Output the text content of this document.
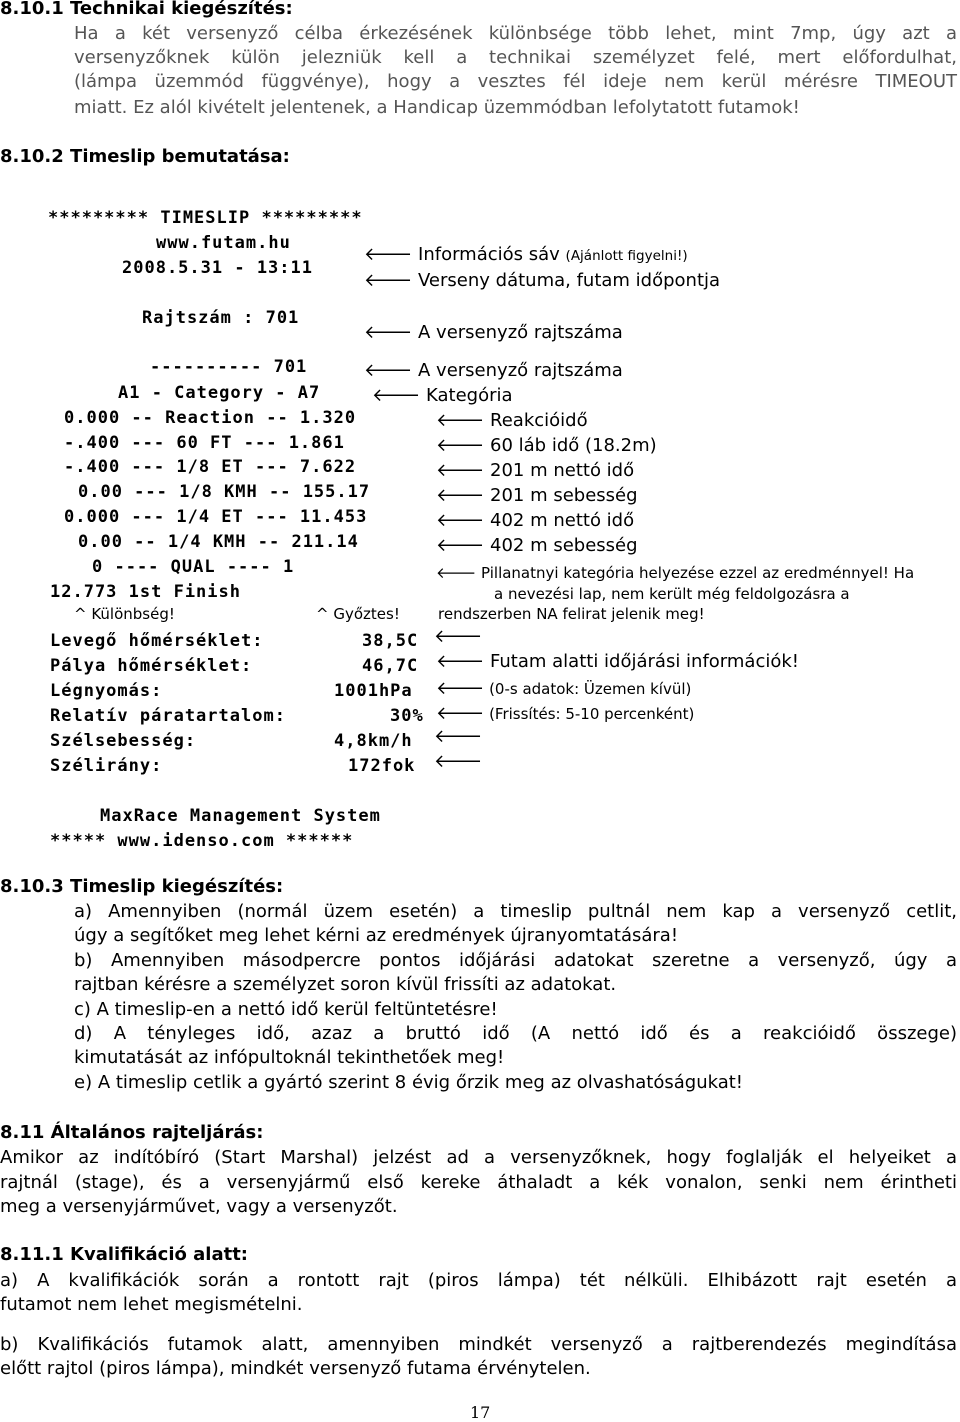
8.10.1 Technikai kiegészítés:
Ha a két versenyző célba érkezésének különbsége több lehet, mint 7mp, úgy azt a
versenyzőknek külön jelezniük kell a technikai személyzet felé, mert előfordulhat,
(lámpa üzemmód függvénye), hogy a vesztes fél ideje nem kerül mérésre TIMEOUT
miatt. Ez alól kivételt jelentenek, a Handicap üzemmódban lefolytatott futamok!
8.10.2 Timeslip bemutatása:
********* TIMESLIP *********
www.futam.hu
2008.5.31 - 13:11
Rajtszám : 701
---------- 701
A1 - Category - A7
0.000 -- Reaction -- 1.320
-.400 --- 60 FT --- 1.861
-.400 --- 1/8 ET --- 7.622
0.00 --- 1/8 KMH -- 155.17
0.000 --- 1/4 ET --- 11.453
0.00 -- 1/4 KMH -- 211.14
0 ---- QUAL ---- 1
12.773 1st Finish
Levegő hőmérséklet:	38,5C
Pálya hőmérséklet:	46,7C
Légnyomás:	1001hPa
Relatív páratartalom:	30%
Szélsebesség:	4,8km/h
Szélirány:	172fok
MaxRace Management System
***** www.idenso.com ******
🡐 Információs sáv (Ajánlott figyelni!)
🡐 Verseny dátuma, futam időpontja
🡐 A versenyző rajtszáma
🡐 A versenyző rajtszáma
🡐 Kategória
🡐 Reakcióidő
🡐 60 láb idő (18.2m)
🡐 201 m nettó idő
🡐 201 m sebesség
🡐 402 m nettó idő
🡐 402 m sebesség
🡐 Pillanatnyi kategória helyezése ezzel az eredménnyel! Ha
a nevezési lap, nem került még feldolgozásra a
rendszerben NA felirat jelenik meg!
^ Különbség!	^ Győztes!
🡐
🡐 Futam alatti időjárási információk!
🡐 (0-s adatok: Üzemen kívül)
🡐 (Frissítés: 5-10 percenként)
🡐
🡐
8.10.3 Timeslip kiegészítés:
a) Amennyiben (normál üzem esetén) a timeslip pultnál nem kap a versenyző cetlit,
úgy a segítőket meg lehet kérni az eredmények újranyomtatására!
b) Amennyiben másodpercre pontos időjárási adatokat szeretne a versenyző, úgy a
rajtban kérésre a személyzet soron kívül frissíti az adatokat.
c) A timeslip-en a nettó idő kerül feltüntetésre!
d) A tényleges idő, azaz a bruttó idő (A nettó idő és a reakcióidő összege)
kimutatását az infópultoknál tekinthetőek meg!
e) A timeslip cetlik a gyártó szerint 8 évig őrzik meg az olvashatóságukat!
8.11 Általános rajteljárás:
Amikor az indítóbíró (Start Marshal) jelzést ad a versenyzőknek, hogy foglalják el helyeiket a
rajtnál (stage), és a versenyjármű első kereke áthaladt a kék vonalon, senki nem érintheti
meg a versenyjárművet, vagy a versenyzőt.
8.11.1 Kvalifikáció alatt:
a) A kvalifikációk során a rontott rajt (piros lámpa) tét nélküli. Elhibázott rajt esetén a
futamot nem lehet megismételni.
b) Kvalifikációs futamok alatt, amennyiben mindkét versenyző a rajtberendezés megindítása
előtt rajtol (piros lámpa), mindkét versenyző futama érvénytelen.
17
